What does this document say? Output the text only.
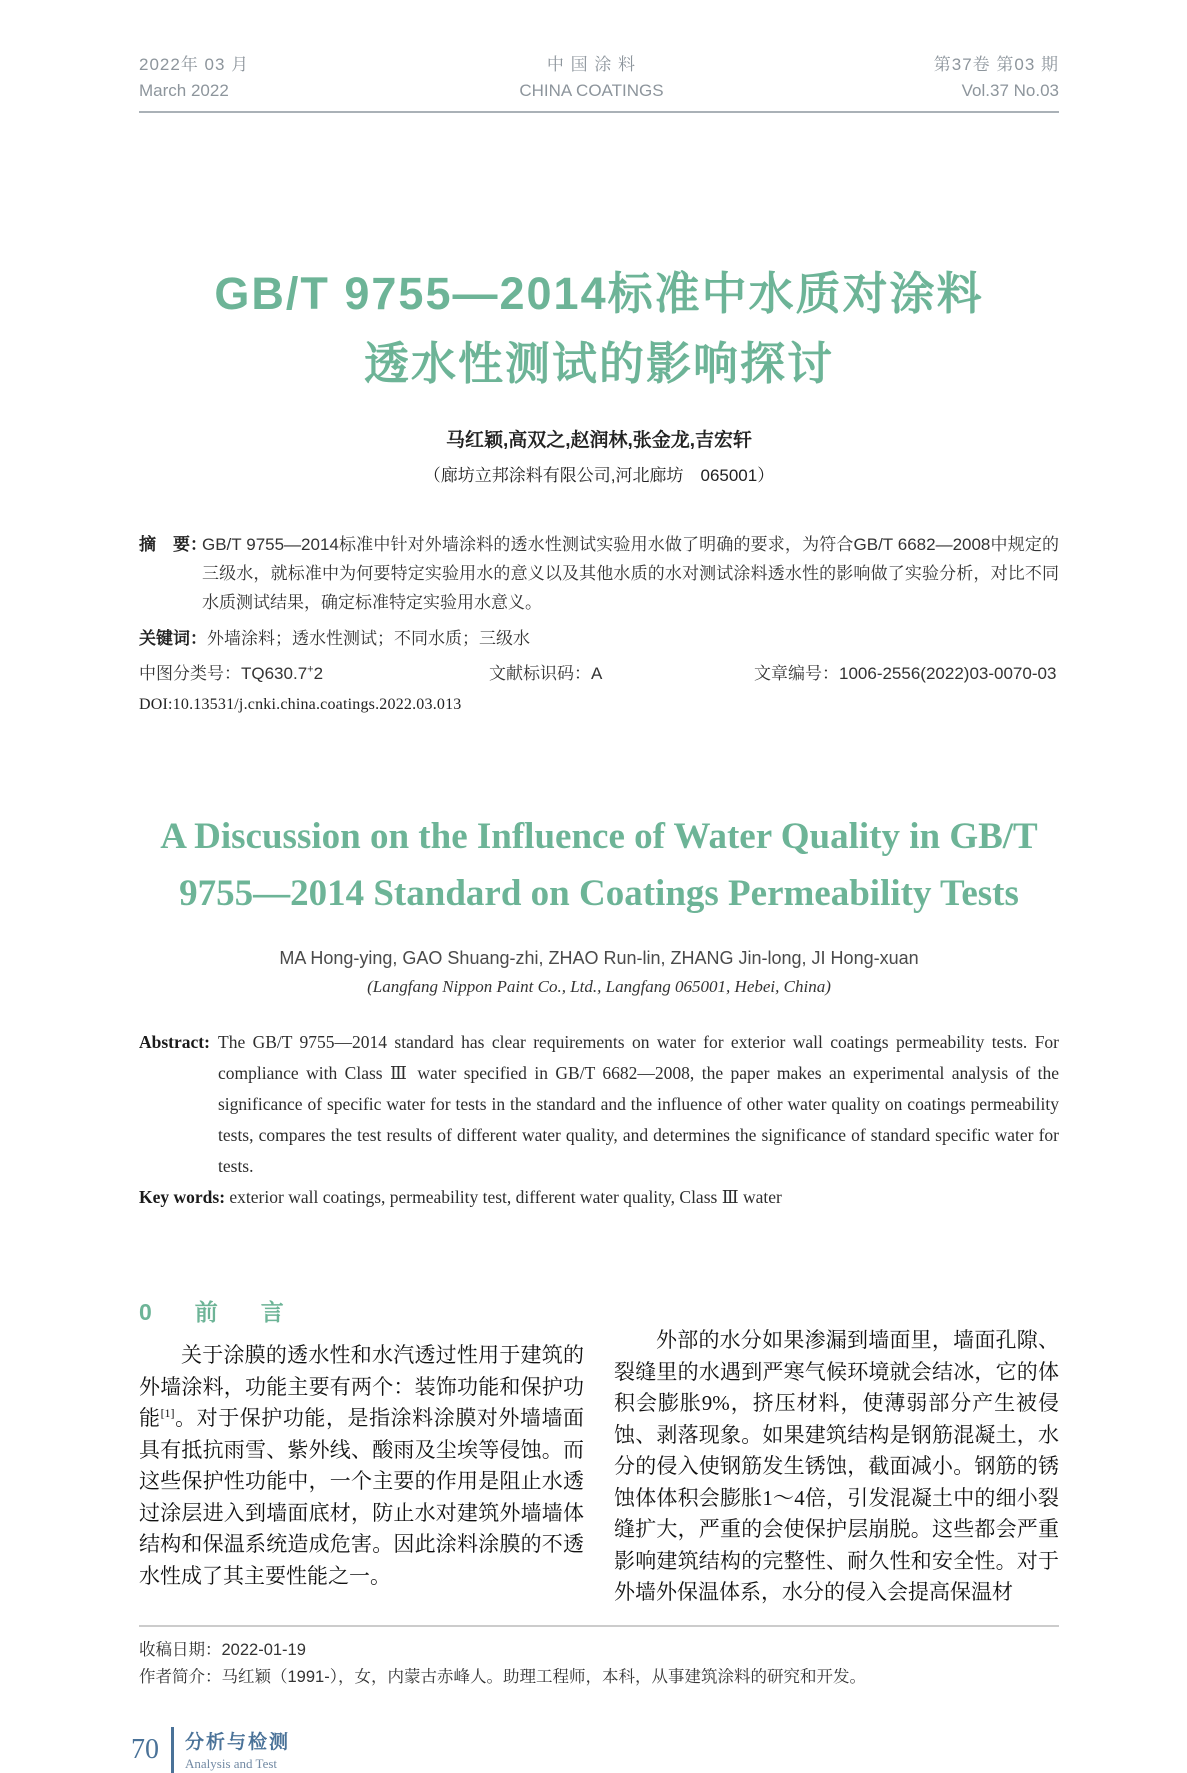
2022年 03 月
March 2022
中 国 涂 料
CHINA COATINGS
第37卷 第03 期
Vol.37 No.03
GB/T 9755—2014标准中水质对涂料
透水性测试的影响探讨
马红颖,高双之,赵润林,张金龙,吉宏轩
（廊坊立邦涂料有限公司,河北廊坊　065001）
摘　要：
GB/T 9755—2014标准中针对外墙涂料的透水性测试实验用水做了明确的要求，为符合GB/T 6682—2008中规定的三级水，就标准中为何要特定实验用水的意义以及其他水质的水对测试涂料透水性的影响做了实验分析，对比不同水质测试结果，确定标准特定实验用水意义。
关键词：外墙涂料；透水性测试；不同水质；三级水
中图分类号：TQ630.7+2	文献标识码：A	文章编号：1006-2556(2022)03-0070-03
DOI:10.13531/j.cnki.china.coatings.2022.03.013
A Discussion on the Influence of Water Quality in GB/T
9755—2014 Standard on Coatings Permeability Tests
MA Hong-ying, GAO Shuang-zhi, ZHAO Run-lin, ZHANG Jin-long, JI Hong-xuan
(Langfang Nippon Paint Co., Ltd., Langfang 065001, Hebei, China)
Abstract: The GB/T 9755—2014 standard has clear requirements on water for exterior wall coatings permeability tests. For compliance with Class Ⅲ water specified in GB/T 6682—2008, the paper makes an experimental analysis of the significance of specific water for tests in the standard and the influence of other water quality on coatings permeability tests, compares the test results of different water quality, and determines the significance of standard specific water for tests.
Key words: exterior wall coatings, permeability test, different water quality, Class Ⅲ water
0　前　言
关于涂膜的透水性和水汽透过性用于建筑的外墙涂料，功能主要有两个：装饰功能和保护功能[1]。对于保护功能，是指涂料涂膜对外墙墙面具有抵抗雨雪、紫外线、酸雨及尘埃等侵蚀。而这些保护性功能中，一个主要的作用是阻止水透过涂层进入到墙面底材，防止水对建筑外墙墙体结构和保温系统造成危害。因此涂料涂膜的不透水性成了其主要性能之一。
外部的水分如果渗漏到墙面里，墙面孔隙、裂缝里的水遇到严寒气候环境就会结冰，它的体积会膨胀9%，挤压材料，使薄弱部分产生被侵蚀、剥落现象。如果建筑结构是钢筋混凝土，水分的侵入使钢筋发生锈蚀，截面减小。钢筋的锈蚀体体积会膨胀1～4倍，引发混凝土中的细小裂缝扩大，严重的会使保护层崩脱。这些都会严重影响建筑结构的完整性、耐久性和安全性。对于外墙外保温体系，水分的侵入会提高保温材
收稿日期：2022-01-19
作者简介：马红颖（1991-），女，内蒙古赤峰人。助理工程师，本科，从事建筑涂料的研究和开发。
70 分析与检测
Analysis and Test
